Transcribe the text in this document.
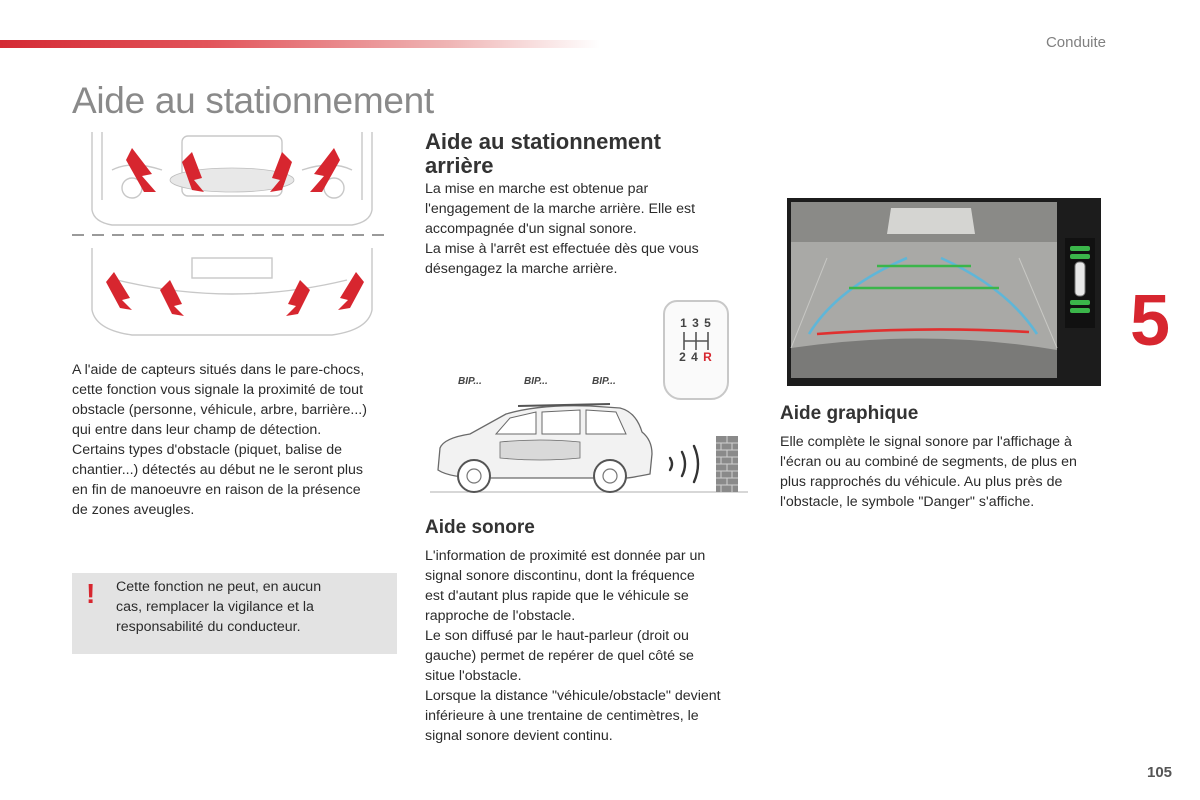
Conduite
Aide au stationnement
A l'aide de capteurs situés dans le pare-chocs,
cette fonction vous signale la proximité de tout
obstacle (personne, véhicule, arbre, barrière...)
qui entre dans leur champ de détection.
Certains types d'obstacle (piquet, balise de
chantier...) détectés au début ne le seront plus
en fin de manoeuvre en raison de la présence
de zones aveugles.
! Cette fonction ne peut, en aucun
cas, remplacer la vigilance et la
responsabilité du conducteur.
Aide au stationnement
arrière
La mise en marche est obtenue par
l'engagement de la marche arrière. Elle est
accompagnée d'un signal sonore.
La mise à l'arrêt est effectuée dès que vous
désengagez la marche arrière.
1 3 5
2 4 R
BIP...	BIP...	BIP...
Aide sonore
L'information de proximité est donnée par un
signal sonore discontinu, dont la fréquence
est d'autant plus rapide que le véhicule se
rapproche de l'obstacle.
Le son diffusé par le haut-parleur (droit ou
gauche) permet de repérer de quel côté se
situe l'obstacle.
Lorsque la distance "véhicule/obstacle" devient
inférieure à une trentaine de centimètres, le
signal sonore devient continu.
Aide graphique
Elle complète le signal sonore par l'affichage à
l'écran ou au combiné de segments, de plus en
plus rapprochés du véhicule. Au plus près de
l'obstacle, le symbole "Danger" s'affiche.
5
105
